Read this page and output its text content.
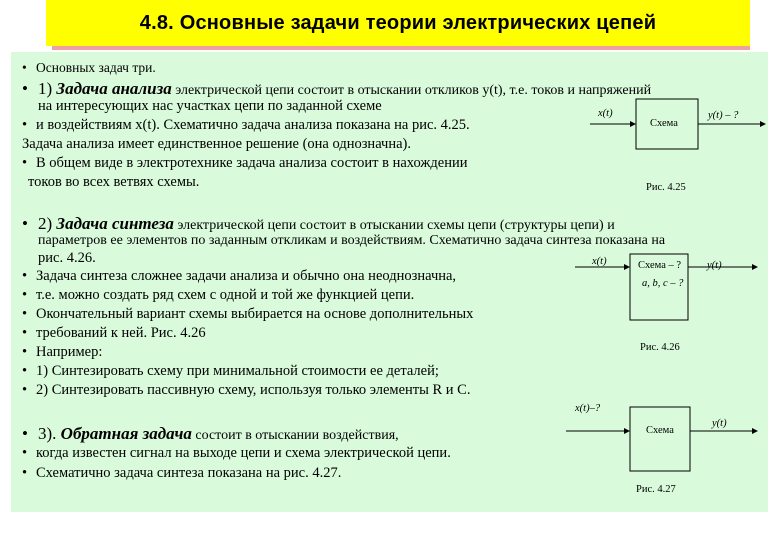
4.8. Основные задачи теории электрических цепей
• Основных задач три.
• 1) Задача анализа электрической цепи состоит в отыскании откликов y(t), т.е. токов и напряжений
на интересующих нас участках цепи по заданной схеме
• и воздействиям x(t). Схематично задача анализа показана на рис. 4.25.
Задача анализа имеет единственное решение (она однозначна).
• В общем виде в электротехнике задача анализа состоит в нахождении
токов во всех ветвях схемы.
• 2) Задача синтеза электрической цепи состоит в отыскании схемы цепи (структуры цепи) и
параметров ее элементов по заданным откликам и воздействиям. Схематично задача синтеза показана на
рис. 4.26.
• Задача синтеза сложнее задачи анализа и обычно она неоднозначна,
• т.е. можно создать ряд схем с одной и той же функцией цепи.
• Окончательный вариант схемы выбирается на основе дополнительных
• требований к ней. Рис. 4.26
• Например:
• 1) Синтезировать схему при минимальной стоимости ее деталей;
• 2) Синтезировать пассивную схему, используя только элементы R и C.
• 3). Обратная задача состоит в отыскании воздействия,
• когда известен сигнал на выходе цепи и схема электрической цепи.
• Схематично задача синтеза показана на рис. 4.27.
x(t)
Схема
y(t) – ?
Рис. 4.25
x(t)	Схема – ?
a, b, c – ?
y(t)
Рис. 4.26
x(t)–?
Схема
y(t)
Рис. 4.27
